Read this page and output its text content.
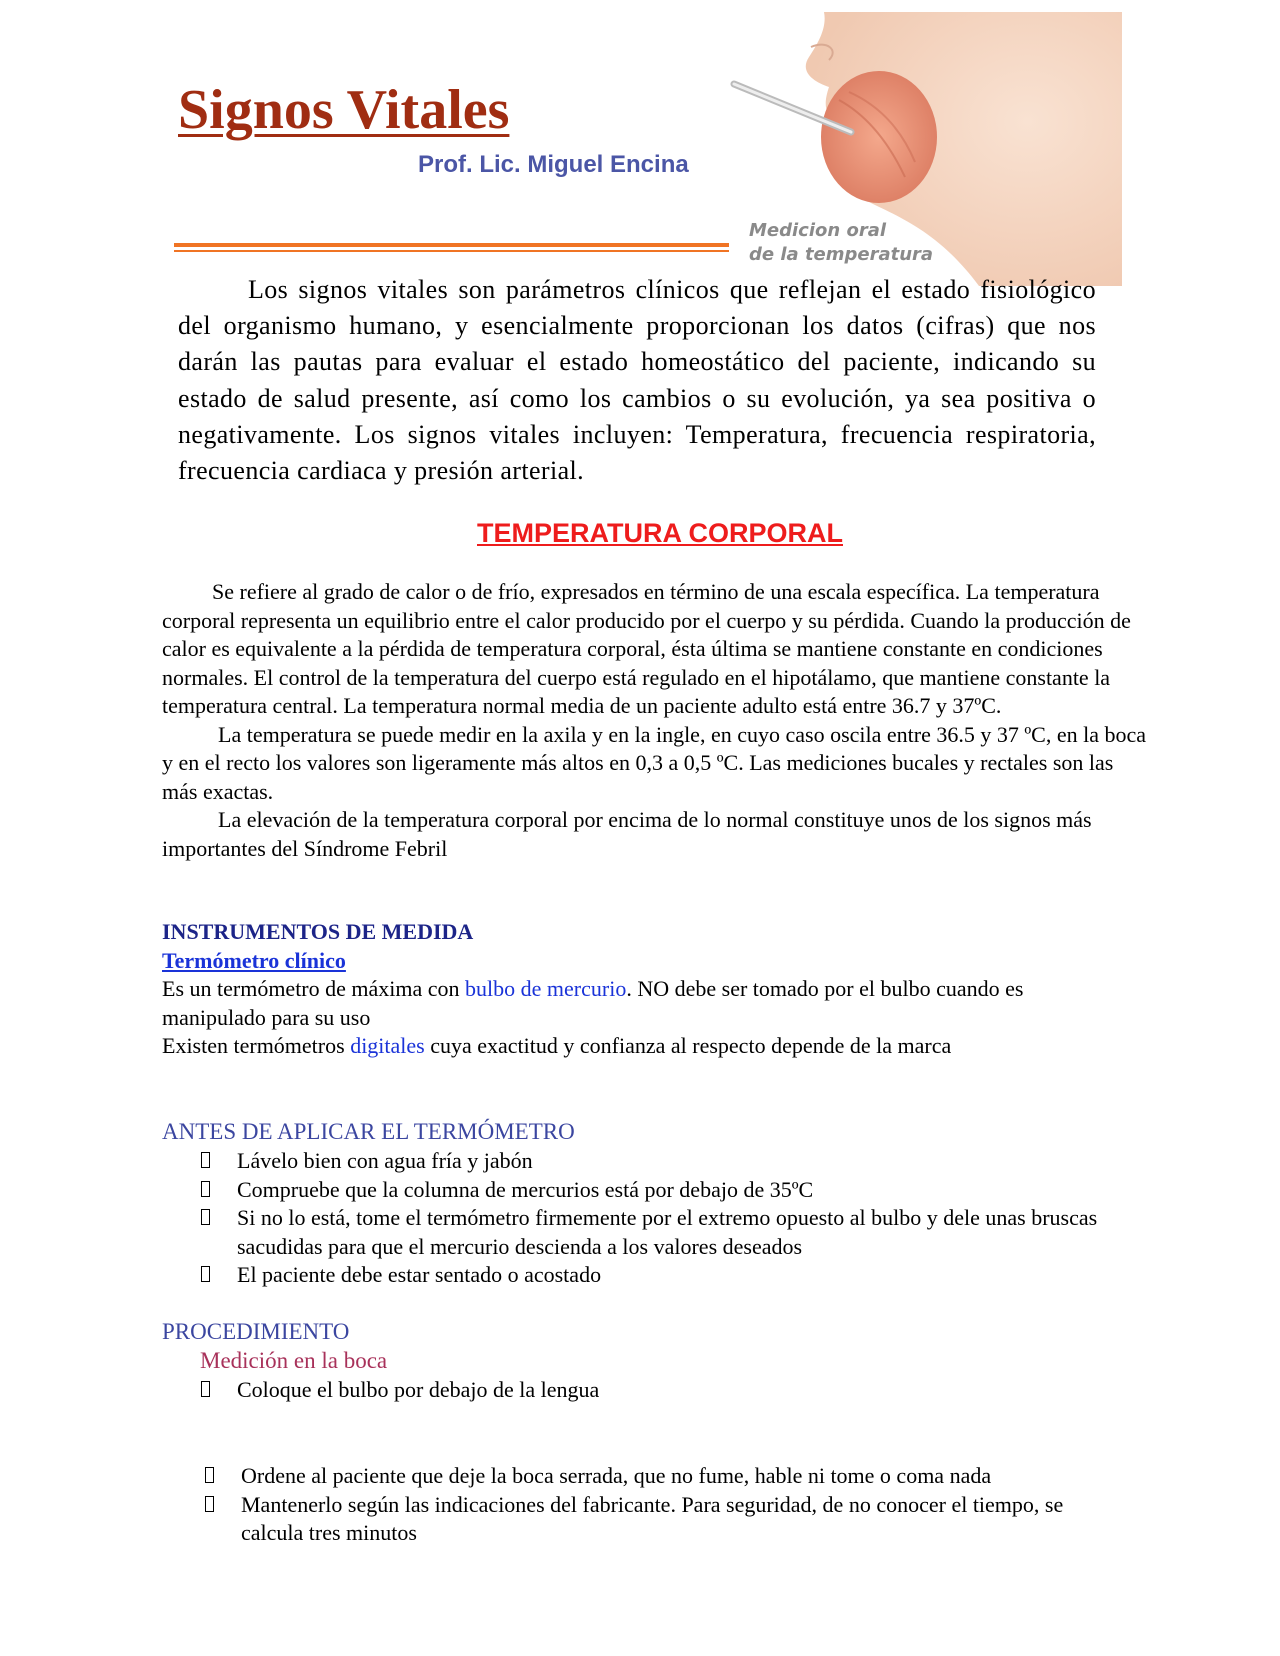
Signos Vitales
Prof. Lic. Miguel Encina
Medicion oral
de la temperatura

Los signos vitales son parámetros clínicos que reflejan el estado fisiológico del organismo humano, y esencialmente proporcionan los datos (cifras) que nos darán las pautas para evaluar el estado homeostático del paciente, indicando su estado de salud presente, así como los cambios o su evolución, ya sea positiva o negativamente. Los signos vitales incluyen: Temperatura, frecuencia respiratoria, frecuencia cardiaca y presión arterial.

TEMPERATURA CORPORAL

Se refiere al grado de calor o de frío, expresados en término de una escala específica. La temperatura corporal representa un equilibrio entre el calor producido por el cuerpo y su pérdida. Cuando la producción de calor es equivalente a la pérdida de temperatura corporal, ésta última se mantiene constante en condiciones normales. El control de la temperatura del cuerpo está regulado en el hipotálamo, que mantiene constante la temperatura central. La temperatura normal media de un paciente adulto está entre 36.7 y 37ºC.

La temperatura se puede medir en la axila y en la ingle, en cuyo caso oscila entre 36.5 y 37 ºC, en la boca y en el recto los valores son ligeramente más altos en 0,3 a 0,5 ºC. Las mediciones bucales y rectales son las más exactas.

La elevación de la temperatura corporal por encima de lo normal constituye unos de los signos más importantes del Síndrome Febril

INSTRUMENTOS DE MEDIDA
Termómetro clínico

Es un termómetro de máxima con bulbo de mercurio. NO debe ser tomado por el bulbo cuando es manipulado para su uso

Existen termómetros digitales cuya exactitud y confianza al respecto depende de la marca

ANTES DE APLICAR EL TERMÓMETRO
Lávelo bien con agua fría y jabón
Compruebe que la columna de mercurios está por debajo de 35ºC
Si no lo está, tome el termómetro firmemente por el extremo opuesto al bulbo y dele unas bruscas sacudidas para que el mercurio descienda a los valores deseados
El paciente debe estar sentado o acostado
PROCEDIMIENTO
Medición en la boca
Coloque el bulbo por debajo de la lengua
Ordene al paciente que deje la boca serrada, que no fume, hable ni tome o coma nada
Mantenerlo según las indicaciones del fabricante. Para seguridad, de no conocer el tiempo, se calcula tres minutos
